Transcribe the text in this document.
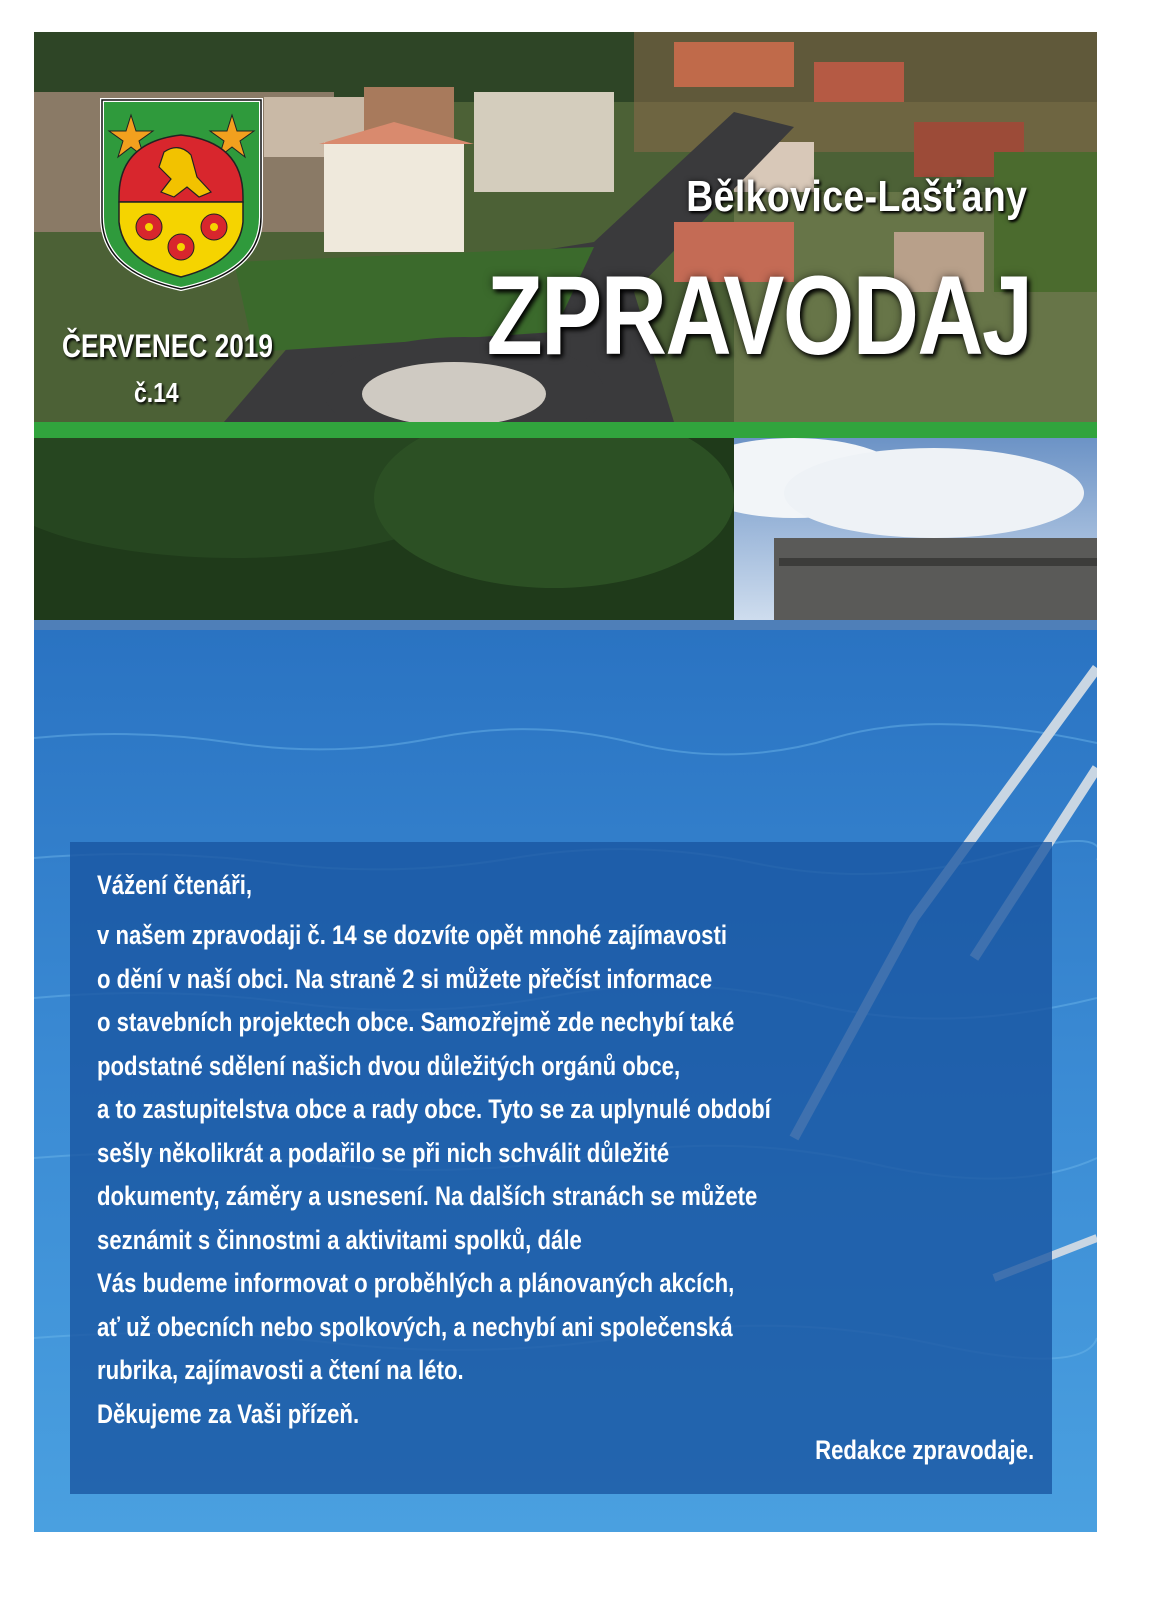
Bělkovice-Lašťany
ZPRAVODAJ
ČERVENEC 2019
č.14
Vážení čtenáři,
v našem zpravodaji č. 14 se dozvíte opět mnohé zajímavosti
o dění v naší obci. Na straně 2 si můžete přečíst informace
o stavebních projektech obce. Samozřejmě zde nechybí také
podstatné sdělení našich dvou důležitých orgánů obce,
a to zastupitelstva obce a rady obce. Tyto se za uplynulé období
sešly několikrát a podařilo se při nich schválit důležité
dokumenty, záměry a usnesení. Na dalších stranách se můžete
seznámit s činnostmi a aktivitami spolků, dále
Vás budeme informovat o proběhlých a plánovaných akcích,
ať už obecních nebo spolkových, a nechybí ani společenská
rubrika, zajímavosti a čtení na léto.
Děkujeme za Vaši přízeň.
Redakce zpravodaje.
